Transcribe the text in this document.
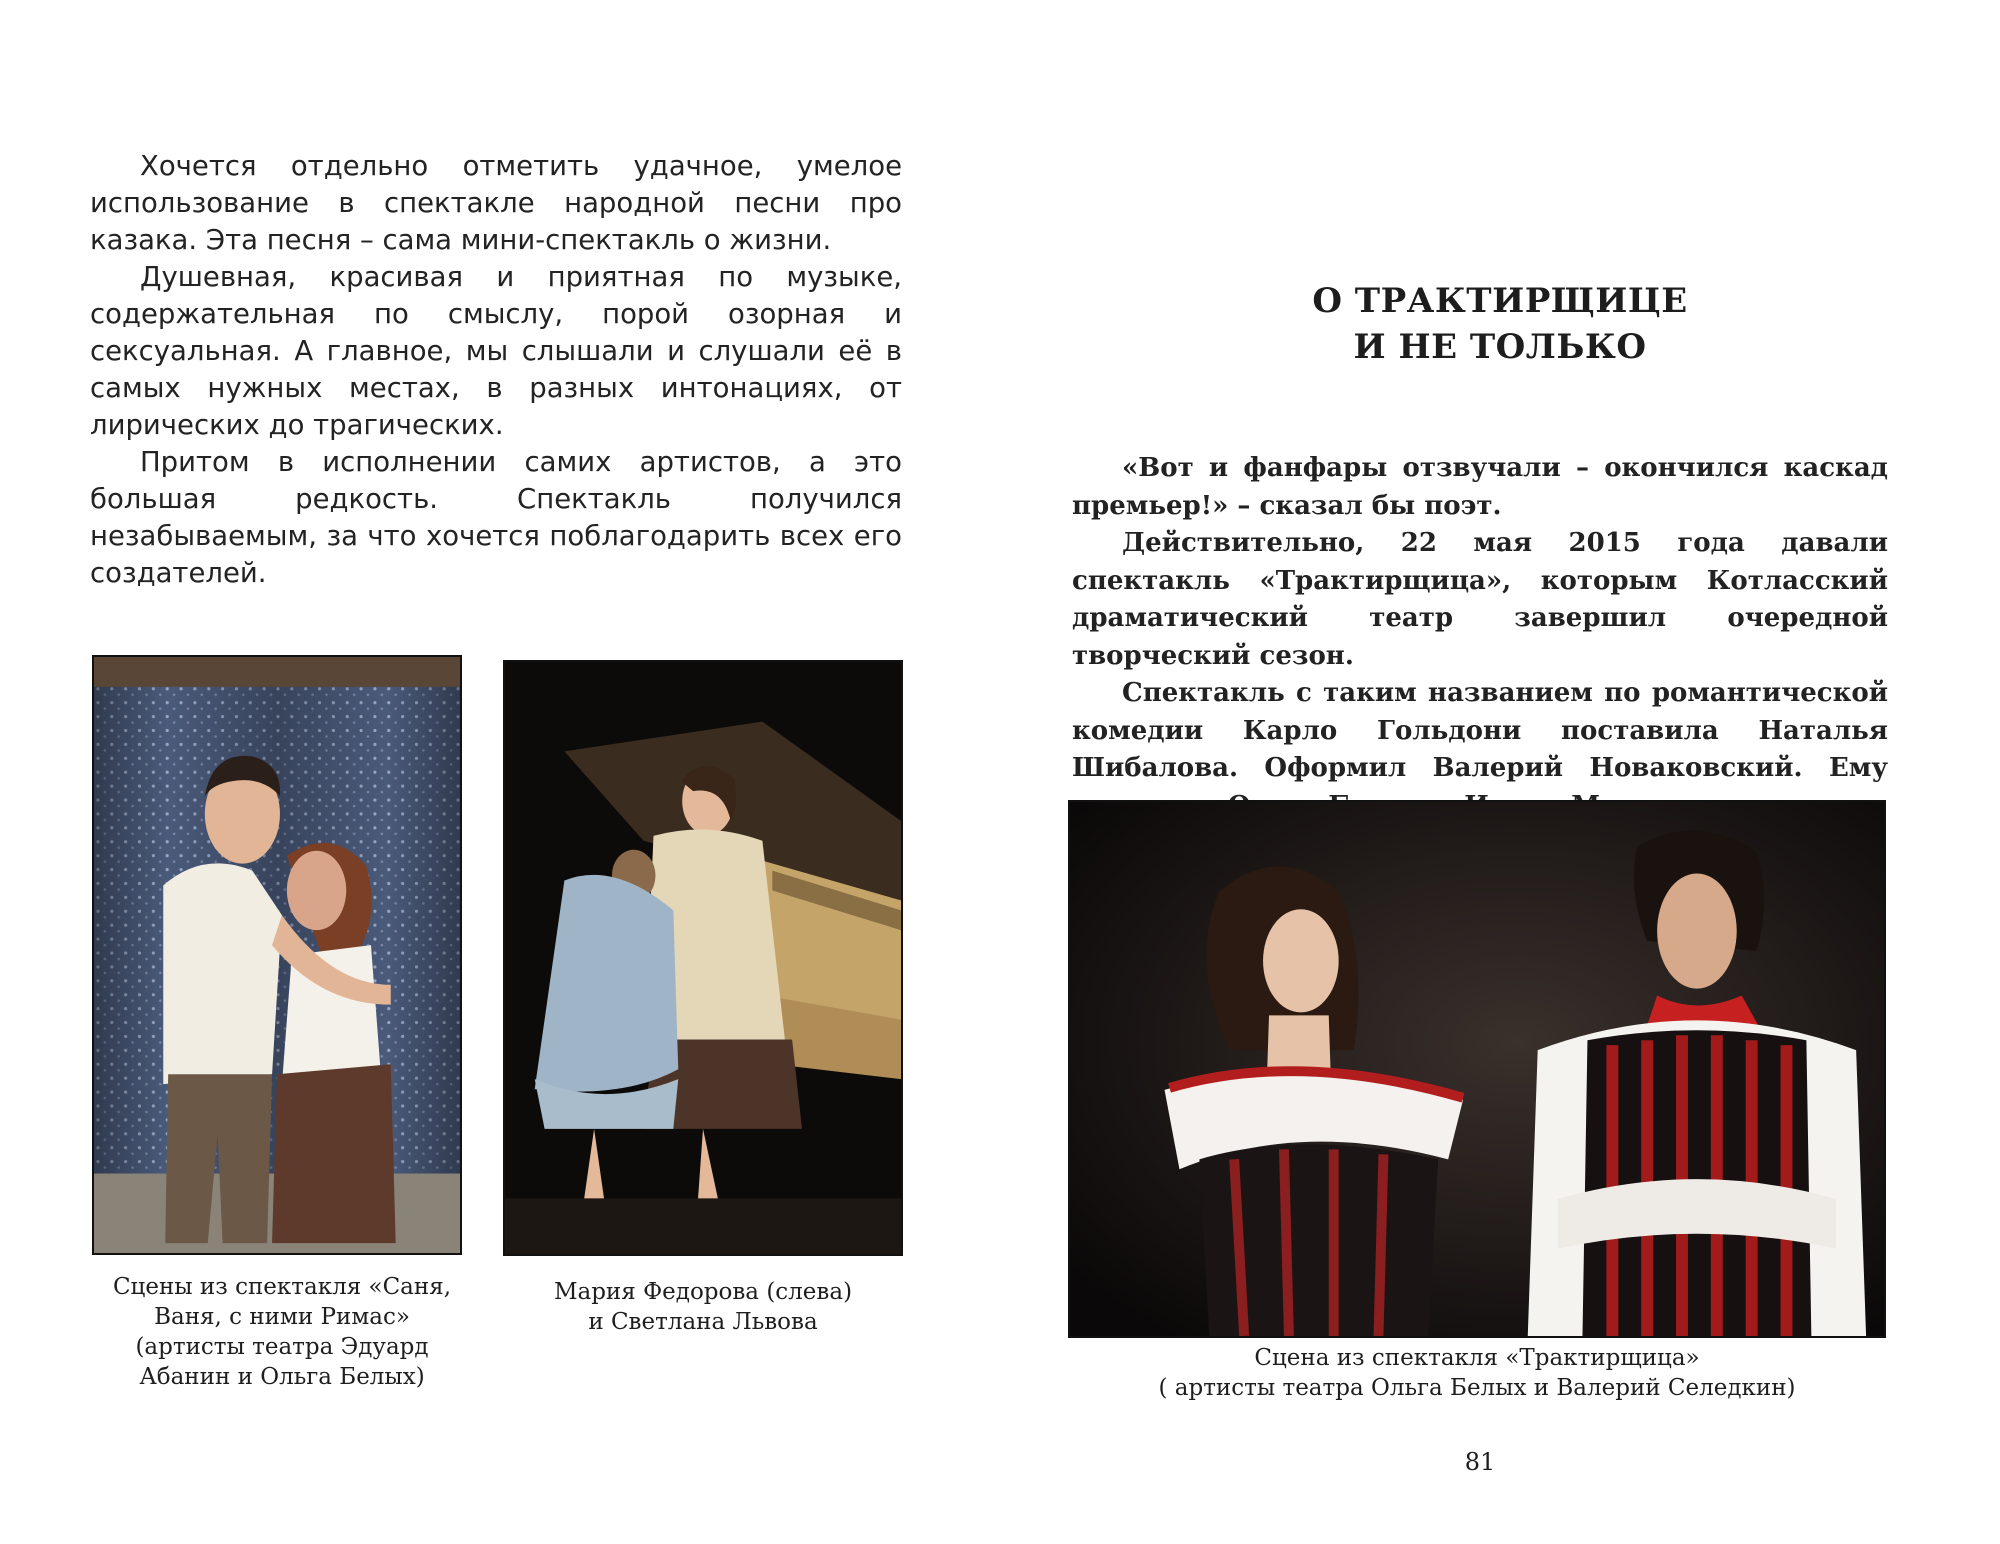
Хочется отдельно отметить удачное, умелое использование в спектакле народной песни про казака. Эта песня – сама мини-спектакль о жизни.

Душевная, красивая и приятная по музыке, содержательная по смыслу, порой озорная и сексуальная. А главное, мы слышали и слушали её в самых нужных местах, в разных интонациях, от лирических до трагических.

Притом в исполнении самих артистов, а это большая редкость. Спектакль получился незабываемым, за что хочется поблагодарить всех его создателей.

Сцены из спектакля «Саня,
Ваня, с ними Римас»
(артисты театра Эдуард
Абанин и Ольга Белых)
Мария Федорова (слева)
и Светлана Львова
О ТРАКТИРЩИЦЕ
И НЕ ТОЛЬКО

«Вот и фанфары отзвучали – окончился каскад премьер!» – сказал бы поэт.

Действительно, 22 мая 2015 года давали спектакль «Трактирщица», которым Котласский драматический театр завершил очередной творческий сезон.

Спектакль с таким названием по романтической комедии Карло Гольдони поставила Наталья Шибалова. Оформил Валерий Новаковский. Ему

Сцена из спектакля «Трактирщица»
( артисты театра Ольга Белых и Валерий Селедкин)
81
